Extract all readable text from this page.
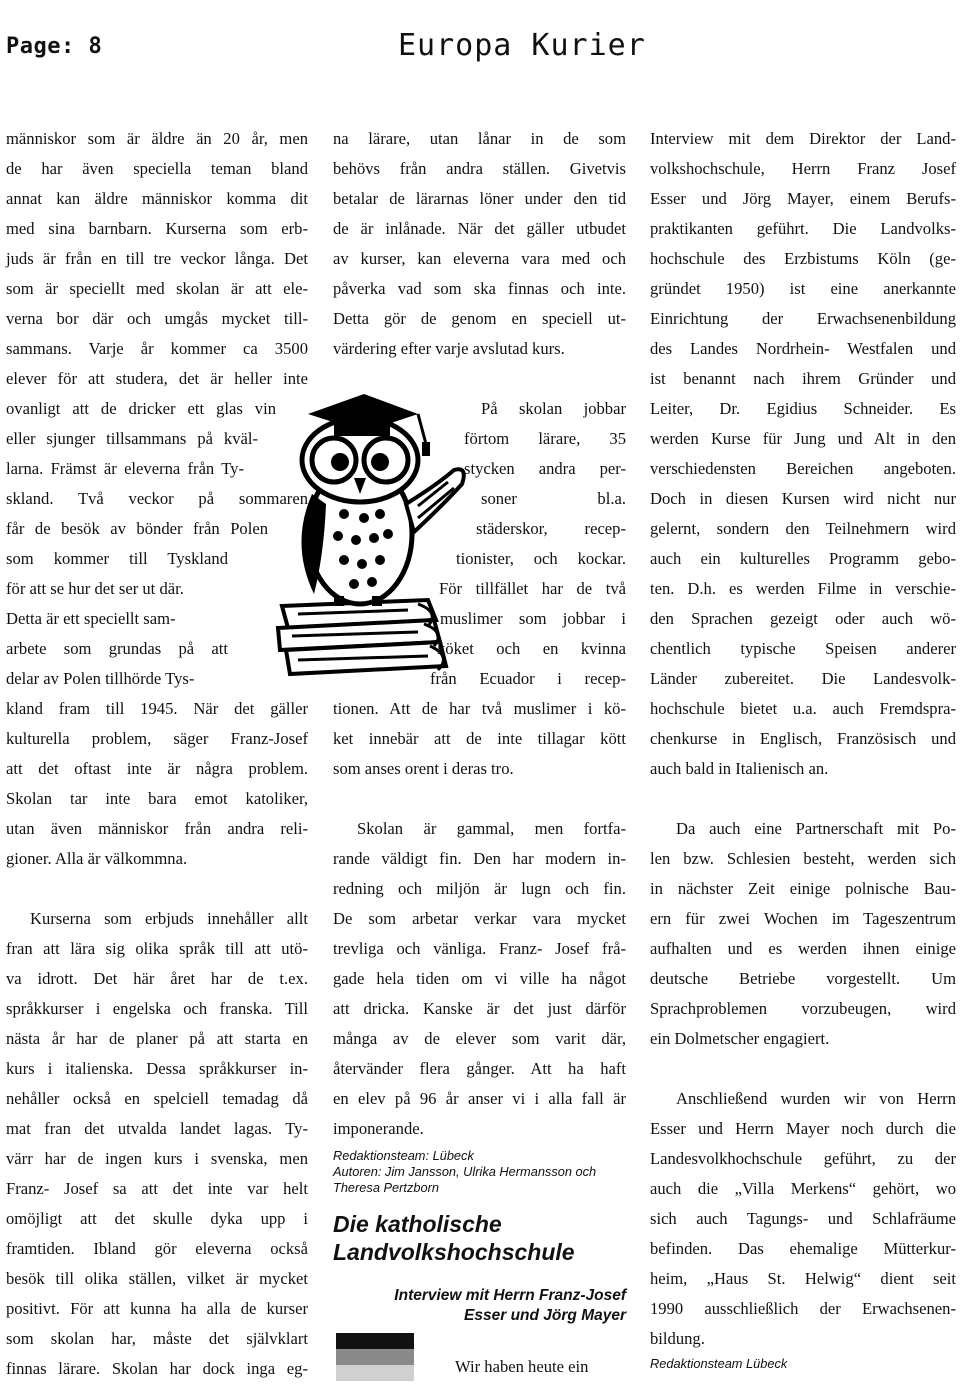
Page: 8	Europa Kurier

människor som är äldre än 20 år, men

de har även speciella teman bland

annat kan äldre människor komma dit

med sina barnbarn. Kurserna som erb-

juds är från en till tre veckor långa. Det

som är speciellt med skolan är att ele-

verna bor där och umgås mycket till-

sammans. Varje år kommer ca 3500

elever för att studera, det är heller inte

ovanligt att de dricker ett glas vin

eller sjunger tillsammans på kväl-

larna. Främst är eleverna från Ty-

skland. Två veckor på sommaren

får de besök av bönder från Polen

som kommer till Tyskland

för att se hur det ser ut där.

Detta är ett speciellt sam-

arbete som grundas på att

delar av Polen tillhörde Tys-

kland fram till 1945. När det gäller

kulturella problem, säger Franz-Josef

att det oftast inte är några problem.

Skolan tar inte bara emot katoliker,

utan även människor från andra reli-

gioner. Alla är välkommna.

Kurserna som erbjuds innehåller allt

fran att lära sig olika språk till att utö-

va idrott. Det här året har de t.ex.

språkkurser i engelska och franska. Till

nästa år har de planer på att starta en

kurs i italienska. Dessa språkkurser in-

nehåller också en spelciell temadag då

mat fran det utvalda landet lagas. Ty-

värr har de ingen kurs i svenska, men

Franz- Josef sa att det inte var helt

omöjligt att det skulle dyka upp i

framtiden. Ibland gör eleverna också

besök till olika ställen, vilket är mycket

positivt. För att kunna ha alla de kurser

som skolan har, måste det självklart

finnas lärare. Skolan har dock inga eg-

na lärare, utan lånar in de som

behövs från andra ställen. Givetvis

betalar de lärarnas löner under den tid

de är inlånade. När det gäller utbudet

av kurser, kan eleverna vara med och

påverka vad som ska finnas och inte.

Detta gör de genom en speciell ut-

värdering efter varje avslutad kurs.

På skolan jobbar

förtom lärare, 35

stycken andra per-

soner bl.a.

städerskor, recep-

tionister, och kockar.

För tillfället har de två

muslimer som jobbar i

köket och en kvinna

från Ecuador i recep-

tionen. Att de har två muslimer i kö-

ket innebär att de inte tillagar kött

som anses orent i deras tro.

Skolan är gammal, men fortfa-

rande väldigt fin. Den har modern in-

redning och miljön är lugn och fin.

De som arbetar verkar vara mycket

trevliga och vänliga. Franz- Josef frå-

gade hela tiden om vi ville ha något

att dricka. Kanske är det just därför

många av de elever som varit där,

återvänder flera gånger. Att ha haft

en elev på 96 år anser vi i alla fall är

imponerande.

Redaktionsteam: Lübeck

Autoren: Jim Jansson, Ulrika Hermansson och

Theresa Pertzborn

Die katholische

Landvolkshochschule

Interview mit Herrn Franz-Josef

Esser und Jörg Mayer

Wir haben heute ein

Interview mit dem Direktor der Land-

volkshochschule, Herrn Franz Josef

Esser und Jörg Mayer, einem Berufs-

praktikanten geführt. Die Landvolks-

hochschule des Erzbistums Köln (ge-

gründet 1950) ist eine anerkannte

Einrichtung der Erwachsenenbildung

des Landes Nordrhein- Westfalen und

ist benannt nach ihrem Gründer und

Leiter, Dr. Egidius Schneider. Es

werden Kurse für Jung und Alt in den

verschiedensten Bereichen angeboten.

Doch in diesen Kursen wird nicht nur

gelernt, sondern den Teilnehmern wird

auch ein kulturelles Programm gebo-

ten. D.h. es werden Filme in verschie-

den Sprachen gezeigt oder auch wö-

chentlich typische Speisen anderer

Länder zubereitet. Die Landesvolk-

hochschule bietet u.a. auch Fremdspra-

chenkurse in Englisch, Französisch und

auch bald in Italienisch an.

Da auch eine Partnerschaft mit Po-

len bzw. Schlesien besteht, werden sich

in nächster Zeit einige polnische Bau-

ern für zwei Wochen im Tageszentrum

aufhalten und es werden ihnen einige

deutsche Betriebe vorgestellt. Um

Sprachproblemen vorzubeugen, wird

ein Dolmetscher engagiert.

Anschließend wurden wir von Herrn

Esser und Herrn Mayer noch durch die

Landesvolkhochschule geführt, zu der

auch die „Villa Merkens“ gehört, wo

sich auch Tagungs- und Schlafräume

befinden. Das ehemalige Mütterkur-

heim, „Haus St. Helwig“ dient seit

1990 ausschließlich der Erwachsenen-

bildung.

Redaktionsteam Lübeck
